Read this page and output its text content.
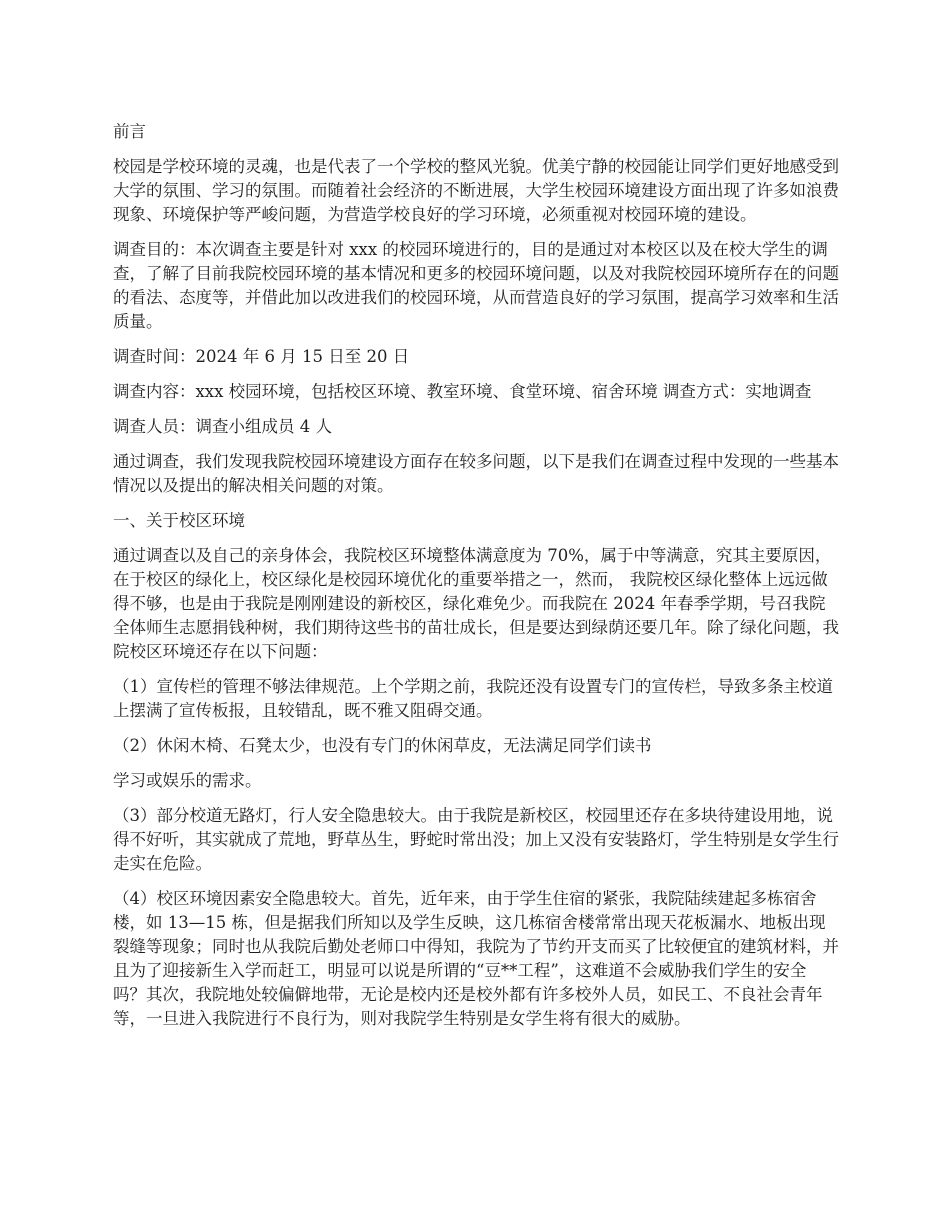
前言

校园是学校环境的灵魂，也是代表了一个学校的整风光貌。优美宁静的校园能让同学们更好地感受到大学的氛围、学习的氛围。而随着社会经济的不断进展，大学生校园环境建设方面出现了许多如浪费现象、环境保护等严峻问题，为营造学校良好的学习环境，必须重视对校园环境的建设。

调查目的：本次调查主要是针对 xxx 的校园环境进行的，目的是通过对本校区以及在校大学生的调查，了解了目前我院校园环境的基本情况和更多的校园环境问题，以及对我院校园环境所存在的问题的看法、态度等，并借此加以改进我们的校园环境，从而营造良好的学习氛围，提高学习效率和生活质量。

调查时间：2024 年 6 月 15 日至 20 日

调查内容：xxx 校园环境，包括校区环境、教室环境、食堂环境、宿舍环境 调查方式：实地调查

调查人员：调查小组成员 4 人

通过调查，我们发现我院校园环境建设方面存在较多问题，以下是我们在调查过程中发现的一些基本情况以及提出的解决相关问题的对策。

一、关于校区环境

通过调查以及自己的亲身体会，我院校区环境整体满意度为 70%，属于中等满意，究其主要原因，在于校区的绿化上，校区绿化是校园环境优化的重要举措之一，然而， 我院校区绿化整体上远远做得不够，也是由于我院是刚刚建设的新校区，绿化难免少。而我院在 2024 年春季学期，号召我院全体师生志愿捐钱种树，我们期待这些书的苗壮成长，但是要达到绿荫还要几年。除了绿化问题，我院校区环境还存在以下问题：

（1）宣传栏的管理不够法律规范。上个学期之前，我院还没有设置专门的宣传栏，导致多条主校道上摆满了宣传板报，且较错乱，既不雅又阻碍交通。

（2）休闲木椅、石凳太少，也没有专门的休闲草皮，无法满足同学们读书

学习或娱乐的需求。

（3）部分校道无路灯，行人安全隐患较大。由于我院是新校区，校园里还存在多块待建设用地，说得不好听，其实就成了荒地，野草丛生，野蛇时常出没；加上又没有安装路灯，学生特别是女学生行走实在危险。

（4）校区环境因素安全隐患较大。首先，近年来，由于学生住宿的紧张，我院陆续建起多栋宿舍楼，如 13—15 栋，但是据我们所知以及学生反映，这几栋宿舍楼常常出现天花板漏水、地板出现裂缝等现象；同时也从我院后勤处老师口中得知，我院为了节约开支而买了比较便宜的建筑材料，并且为了迎接新生入学而赶工，明显可以说是所谓的“豆**工程”，这难道不会威胁我们学生的安全吗？其次，我院地处较偏僻地带，无论是校内还是校外都有许多校外人员，如民工、不良社会青年等，一旦进入我院进行不良行为，则对我院学生特别是女学生将有很大的威胁。
